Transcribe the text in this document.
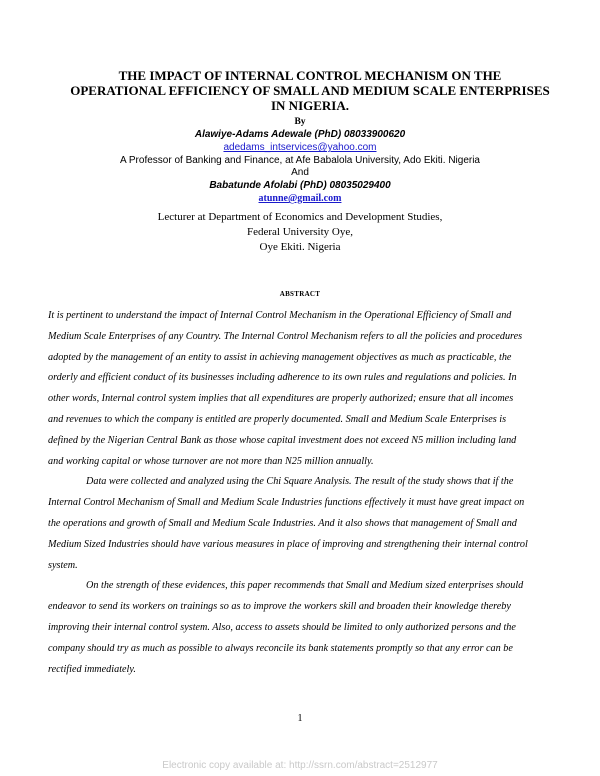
THE IMPACT OF INTERNAL CONTROL MECHANISM ON THE OPERATIONAL EFFICIENCY OF SMALL AND MEDIUM SCALE ENTERPRISES IN NIGERIA.
By
Alawiye-Adams Adewale (PhD) 08033900620
adedams_intservices@yahoo.com
A Professor of Banking and Finance, at Afe Babalola University, Ado Ekiti. Nigeria
And
Babatunde Afolabi (PhD) 08035029400
atunne@gmail.com
Lecturer at Department of Economics and Development Studies,
Federal University Oye,
Oye Ekiti. Nigeria
ABSTRACT

It is pertinent to understand the impact of Internal Control Mechanism in the Operational Efficiency of Small and Medium Scale Enterprises of any Country. The Internal Control Mechanism refers to all the policies and procedures adopted by the management of an entity to assist in achieving management objectives as much as practicable, the orderly and efficient conduct of its businesses including adherence to its own rules and regulations and policies. In other words, Internal control system implies that all expenditures are properly authorized; ensure that all incomes and revenues to which the company is entitled are properly documented. Small and Medium Scale Enterprises is defined by the Nigerian Central Bank as those whose capital investment does not exceed N5 million including land and working capital or whose turnover are not more than N25 million annually.

Data were collected and analyzed using the Chi Square Analysis. The result of the study shows that if the Internal Control Mechanism of Small and Medium Scale Industries functions effectively it must have great impact on the operations and growth of Small and Medium Scale Industries. And it also shows that management of Small and Medium Sized Industries should have various measures in place of improving and strengthening their internal control system.

On the strength of these evidences, this paper recommends that Small and Medium sized enterprises should endeavor to send its workers on trainings so as to improve the workers skill and broaden their knowledge thereby improving their internal control system. Also, access to assets should be limited to only authorized persons and the company should try as much as possible to always reconcile its bank statements promptly so that any error can be rectified immediately.

1
Electronic copy available at: http://ssrn.com/abstract=2512977
